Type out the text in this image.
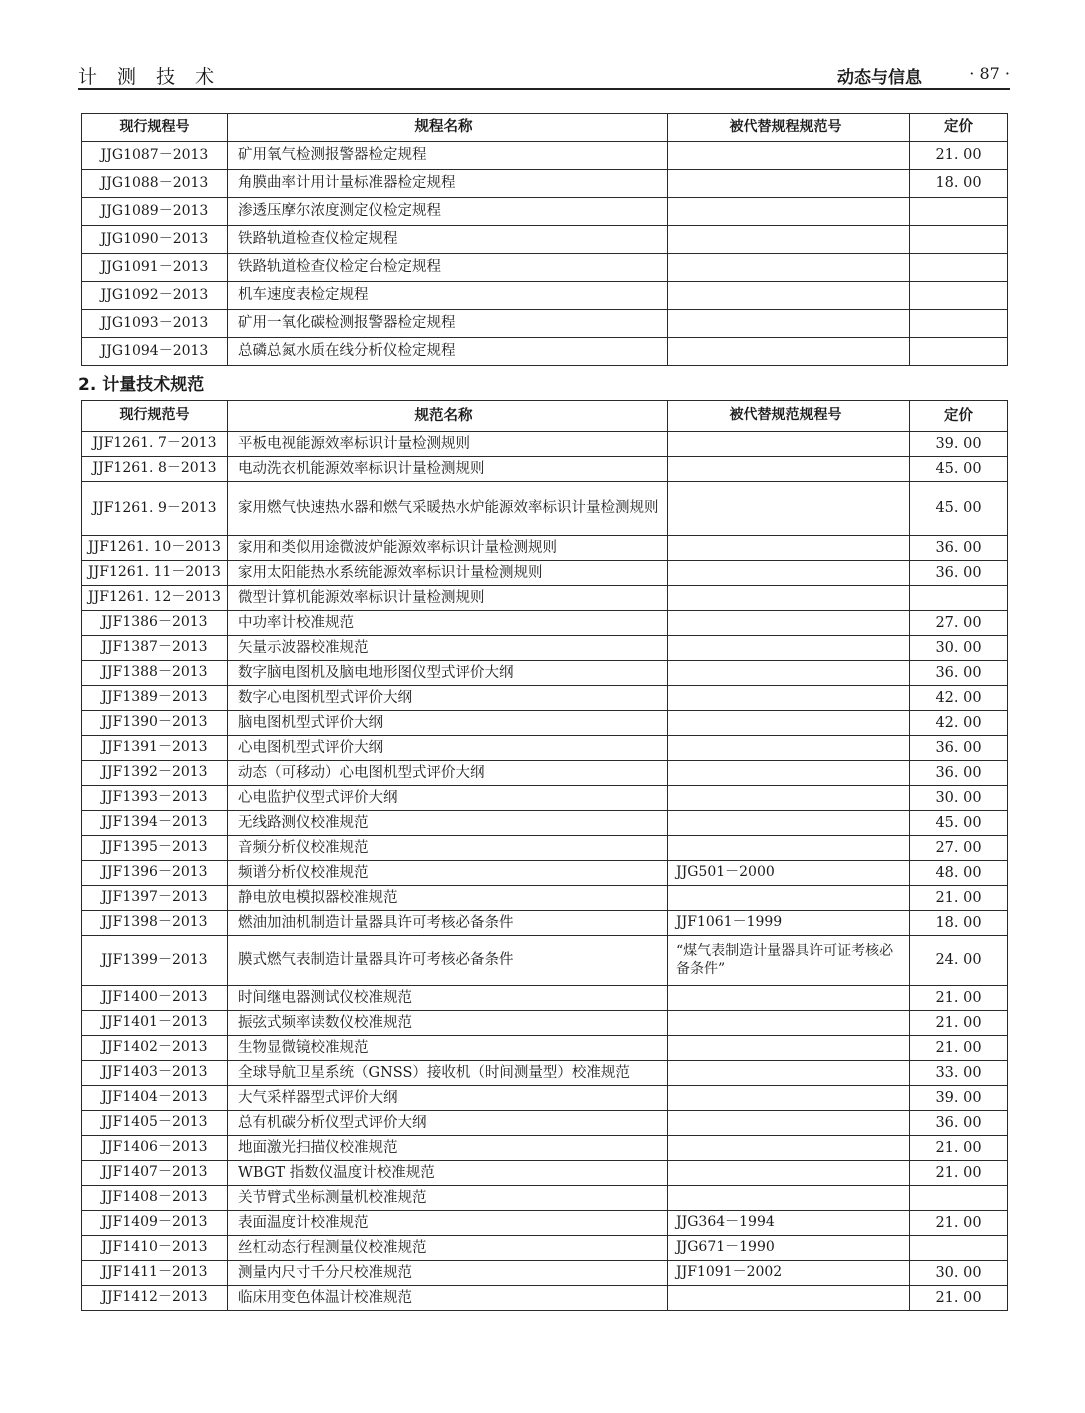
计 测 技 术	动态与信息	· 87 ·
现行规程号	规程名称	被代替规程规范号	定价
JJG1087－2013	矿用氧气检测报警器检定规程		21. 00
JJG1088－2013	角膜曲率计用计量标准器检定规程		18. 00
JJG1089－2013	渗透压摩尔浓度测定仪检定规程		
JJG1090－2013	铁路轨道检查仪检定规程		
JJG1091－2013	铁路轨道检查仪检定台检定规程		
JJG1092－2013	机车速度表检定规程		
JJG1093－2013	矿用一氧化碳检测报警器检定规程		
JJG1094－2013	总磷总氮水质在线分析仪检定规程		
2. 计量技术规范
现行规范号	规范名称	被代替规范规程号	定价
JJF1261. 7－2013	平板电视能源效率标识计量检测规则		39. 00
JJF1261. 8－2013	电动洗衣机能源效率标识计量检测规则		45. 00
JJF1261. 9－2013	家用燃气快速热水器和燃气采暖热水炉能源效率标识计量检测规则		45. 00
JJF1261. 10－2013	家用和类似用途微波炉能源效率标识计量检测规则		36. 00
JJF1261. 11－2013	家用太阳能热水系统能源效率标识计量检测规则		36. 00
JJF1261. 12－2013	微型计算机能源效率标识计量检测规则		
JJF1386－2013	中功率计校准规范		27. 00
JJF1387－2013	矢量示波器校准规范		30. 00
JJF1388－2013	数字脑电图机及脑电地形图仪型式评价大纲		36. 00
JJF1389－2013	数字心电图机型式评价大纲		42. 00
JJF1390－2013	脑电图机型式评价大纲		42. 00
JJF1391－2013	心电图机型式评价大纲		36. 00
JJF1392－2013	动态（可移动）心电图机型式评价大纲		36. 00
JJF1393－2013	心电监护仪型式评价大纲		30. 00
JJF1394－2013	无线路测仪校准规范		45. 00
JJF1395－2013	音频分析仪校准规范		27. 00
JJF1396－2013	频谱分析仪校准规范	JJG501－2000	48. 00
JJF1397－2013	静电放电模拟器校准规范		21. 00
JJF1398－2013	燃油加油机制造计量器具许可考核必备条件	JJF1061－1999	18. 00
JJF1399－2013	膜式燃气表制造计量器具许可考核必备条件	“煤气表制造计量器具许可证考核必备条件”	24. 00
JJF1400－2013	时间继电器测试仪校准规范		21. 00
JJF1401－2013	振弦式频率读数仪校准规范		21. 00
JJF1402－2013	生物显微镜校准规范		21. 00
JJF1403－2013	全球导航卫星系统（GNSS）接收机（时间测量型）校准规范		33. 00
JJF1404－2013	大气采样器型式评价大纲		39. 00
JJF1405－2013	总有机碳分析仪型式评价大纲		36. 00
JJF1406－2013	地面激光扫描仪校准规范		21. 00
JJF1407－2013	WBGT 指数仪温度计校准规范		21. 00
JJF1408－2013	关节臂式坐标测量机校准规范		
JJF1409－2013	表面温度计校准规范	JJG364－1994	21. 00
JJF1410－2013	丝杠动态行程测量仪校准规范	JJG671－1990	
JJF1411－2013	测量内尺寸千分尺校准规范	JJF1091－2002	30. 00
JJF1412－2013	临床用变色体温计校准规范		21. 00
